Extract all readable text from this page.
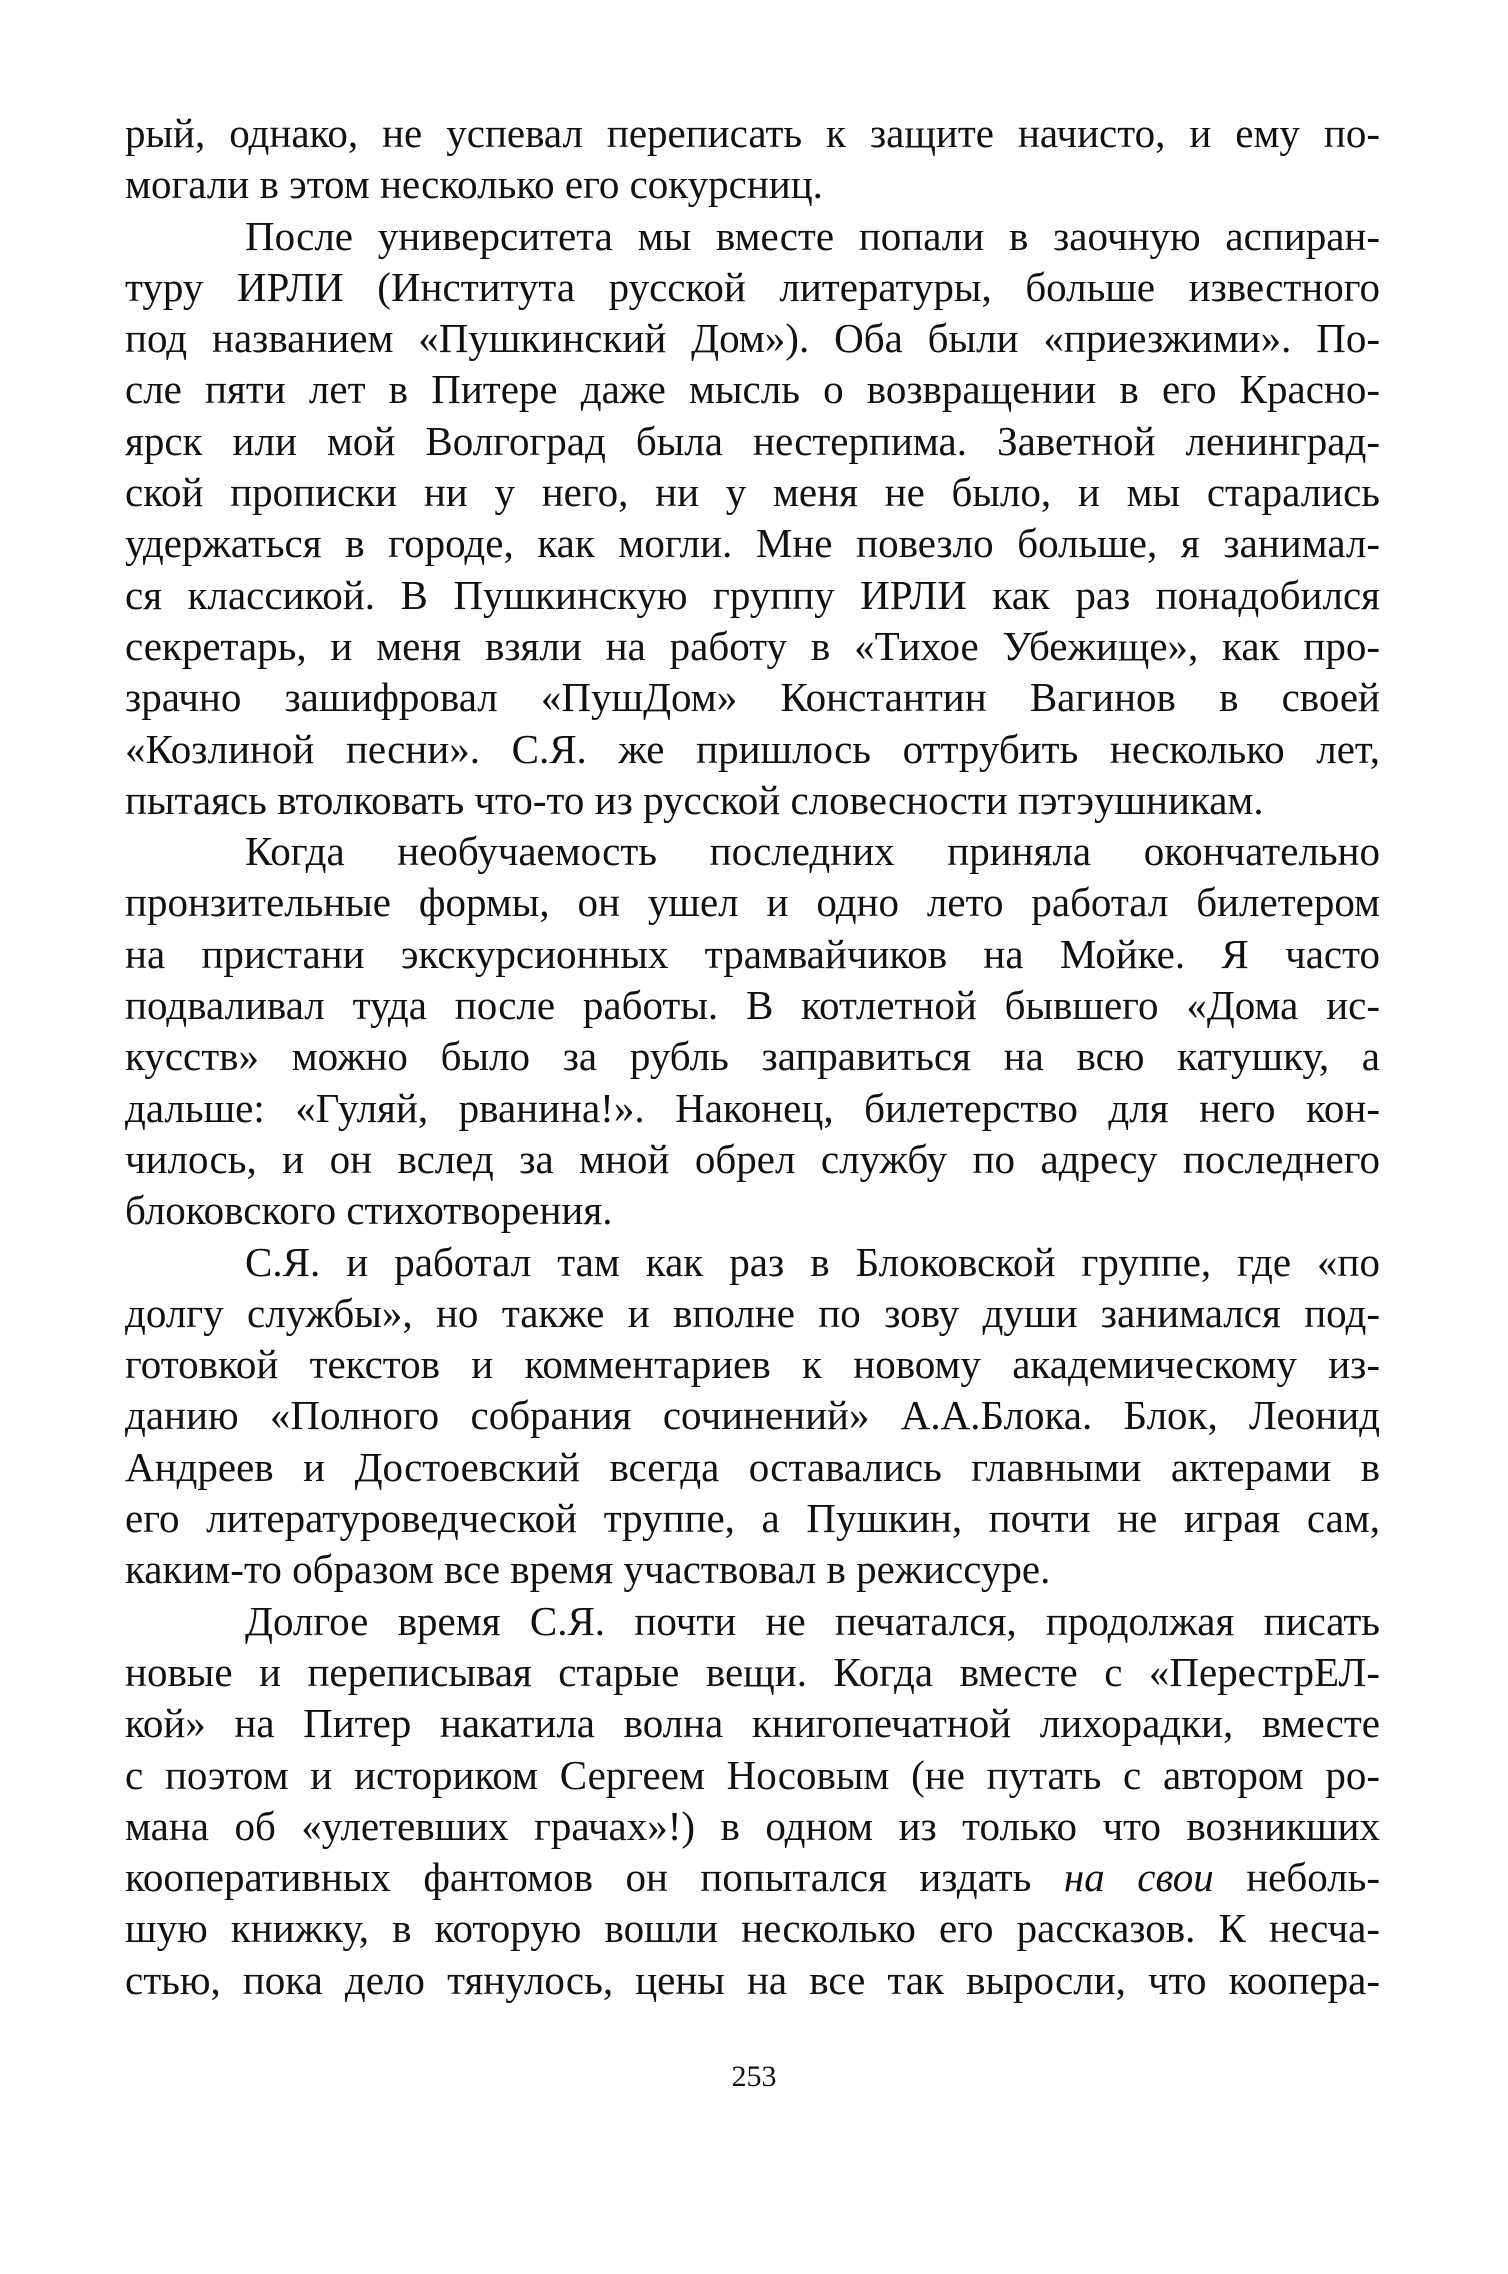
рый, однако, не успевал переписать к защите начисто, и ему по-
могали в этом несколько его сокурсниц.
После университета мы вместе попали в заочную аспиран-
туру ИРЛИ (Института русской литературы, больше известного
под названием «Пушкинский Дом»). Оба были «приезжими». По-
сле пяти лет в Питере даже мысль о возвращении в его Красно-
ярск или мой Волгоград была нестерпима. Заветной ленинград-
ской прописки ни у него, ни у меня не было, и мы старались
удержаться в городе, как могли. Мне повезло больше, я занимал-
ся классикой. В Пушкинскую группу ИРЛИ как раз понадобился
секретарь, и меня взяли на работу в «Тихое Убежище», как про-
зрачно зашифровал «ПушДом» Константин Вагинов в своей
«Козлиной песни». С.Я. же пришлось оттрубить несколько лет,
пытаясь втолковать что-то из русской словесности пэтэушникам.
Когда необучаемость последних приняла окончательно
пронзительные формы, он ушел и одно лето работал билетером
на пристани экскурсионных трамвайчиков на Мойке. Я часто
подваливал туда после работы. В котлетной бывшего «Дома ис-
кусств» можно было за рубль заправиться на всю катушку, а
дальше: «Гуляй, рванина!». Наконец, билетерство для него кон-
чилось, и он вслед за мной обрел службу по адресу последнего
блоковского стихотворения.
С.Я. и работал там как раз в Блоковской группе, где «по
долгу службы», но также и вполне по зову души занимался под-
готовкой текстов и комментариев к новому академическому из-
данию «Полного собрания сочинений» А.А.Блока. Блок, Леонид
Андреев и Достоевский всегда оставались главными актерами в
его литературоведческой труппе, а Пушкин, почти не играя сам,
каким-то образом все время участвовал в режиссуре.
Долгое время С.Я. почти не печатался, продолжая писать
новые и переписывая старые вещи. Когда вместе с «ПерестрЕЛ-
кой» на Питер накатила волна книгопечатной лихорадки, вместе
с поэтом и историком Сергеем Носовым (не путать с автором ро-
мана об «улетевших грачах»!) в одном из только что возникших
кооперативных фантомов он попытался издать на свои неболь-
шую книжку, в которую вошли несколько его рассказов. К несча-
стью, пока дело тянулось, цены на все так выросли, что коопера-
253
